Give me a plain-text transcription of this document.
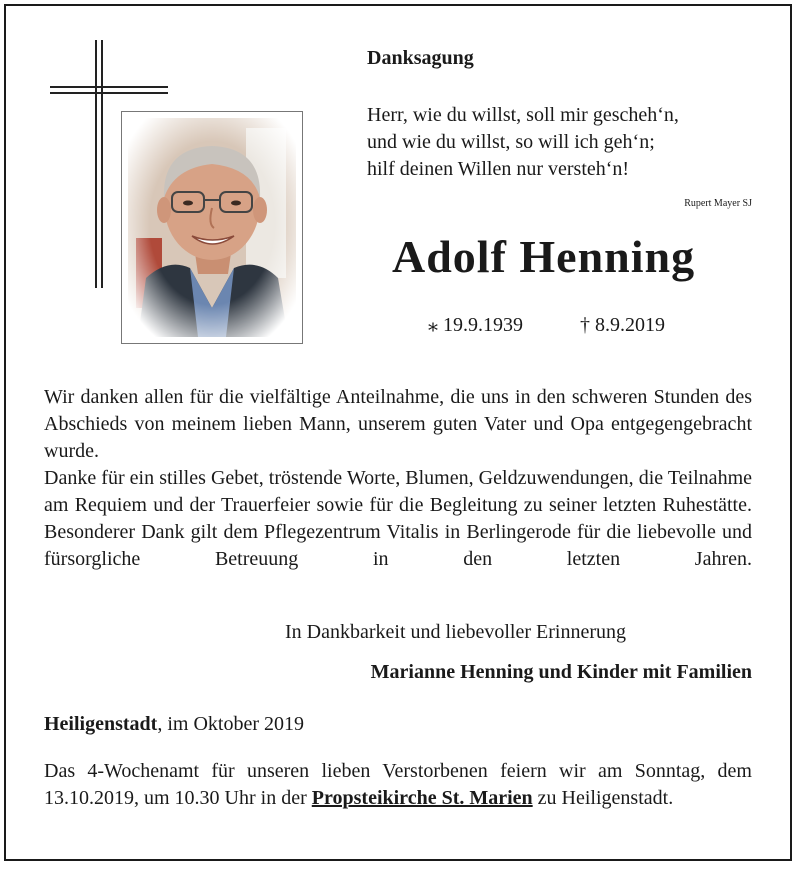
Danksagung
Herr, wie du willst, soll mir gescheh‘n,
und wie du willst, so will ich geh‘n;
hilf deinen Willen nur versteh‘n!
Rupert Mayer SJ
Adolf Henning
⁎ 19.9.1939	† 8.9.2019

Wir danken allen für die vielfältige Anteilnahme, die uns in den schweren Stunden des Abschieds von meinem lieben Mann, unserem guten Vater und Opa entgegengebracht wurde.

Danke für ein stilles Gebet, tröstende Worte, Blumen, Geldzuwendungen, die Teilnahme am Requiem und der Trauerfeier sowie für die Begleitung zu seiner letzten Ruhestätte.

Besonderer Dank gilt dem Pflegezentrum Vitalis in Berlingerode für die liebevolle und fürsorgliche Betreuung in den letzten Jahren.

In Dankbarkeit und liebevoller Erinnerung
Marianne Henning und Kinder mit Familien
Heiligenstadt, im Oktober 2019
Das 4-Wochenamt für unseren lieben Verstorbenen feiern wir am Sonntag, dem 13.10.2019, um 10.30 Uhr in der Propsteikirche St. Marien zu Heiligenstadt.
